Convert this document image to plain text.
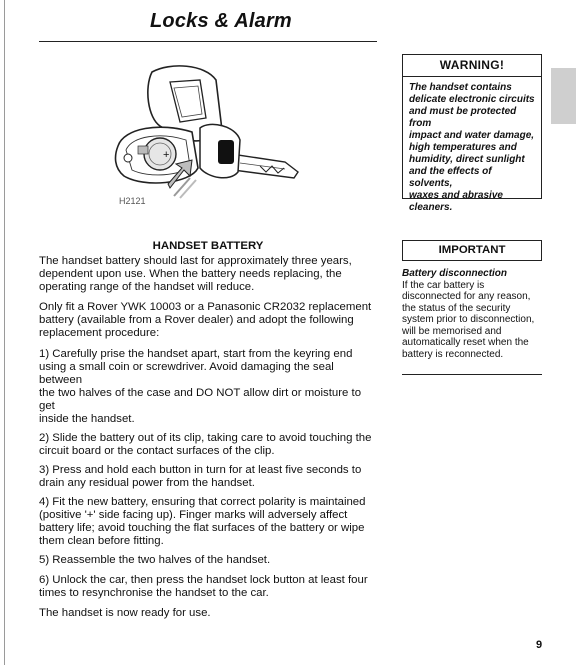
Locks & Alarm
+
H2121
WARNING!
The handset contains
delicate electronic circuits
and must be protected from
impact and water damage,
high temperatures and
humidity, direct sunlight
and the effects of solvents,
waxes and abrasive
cleaners.

HANDSET BATTERY

The handset battery should last for approximately three years,
dependent upon use. When the battery needs replacing, the
operating range of the handset will reduce.

Only fit a Rover YWK 10003 or a Panasonic CR2032 replacement
battery (available from a Rover dealer) and adopt the following
replacement procedure:

1) Carefully prise the handset apart, start from the keyring end
using a small coin or screwdriver. Avoid damaging the seal between
the two halves of the case and DO NOT allow dirt or moisture to get
inside the handset.

2) Slide the battery out of its clip, taking care to avoid touching the
circuit board or the contact surfaces of the clip.

3) Press and hold each button in turn for at least five seconds to
drain any residual power from the handset.

4) Fit the new battery, ensuring that correct polarity is maintained
(positive '+' side facing up). Finger marks will adversely affect
battery life; avoid touching the flat surfaces of the battery or wipe
them clean before fitting.

5) Reassemble the two halves of the handset.

6) Unlock the car, then press the handset lock button at least four
times to resynchronise the handset to the car.

The handset is now ready for use.

IMPORTANT

Battery disconnection

If the car battery is
disconnected for any reason,
the status of the security
system prior to disconnection,
will be memorised and
automatically reset when the
battery is reconnected.

9
